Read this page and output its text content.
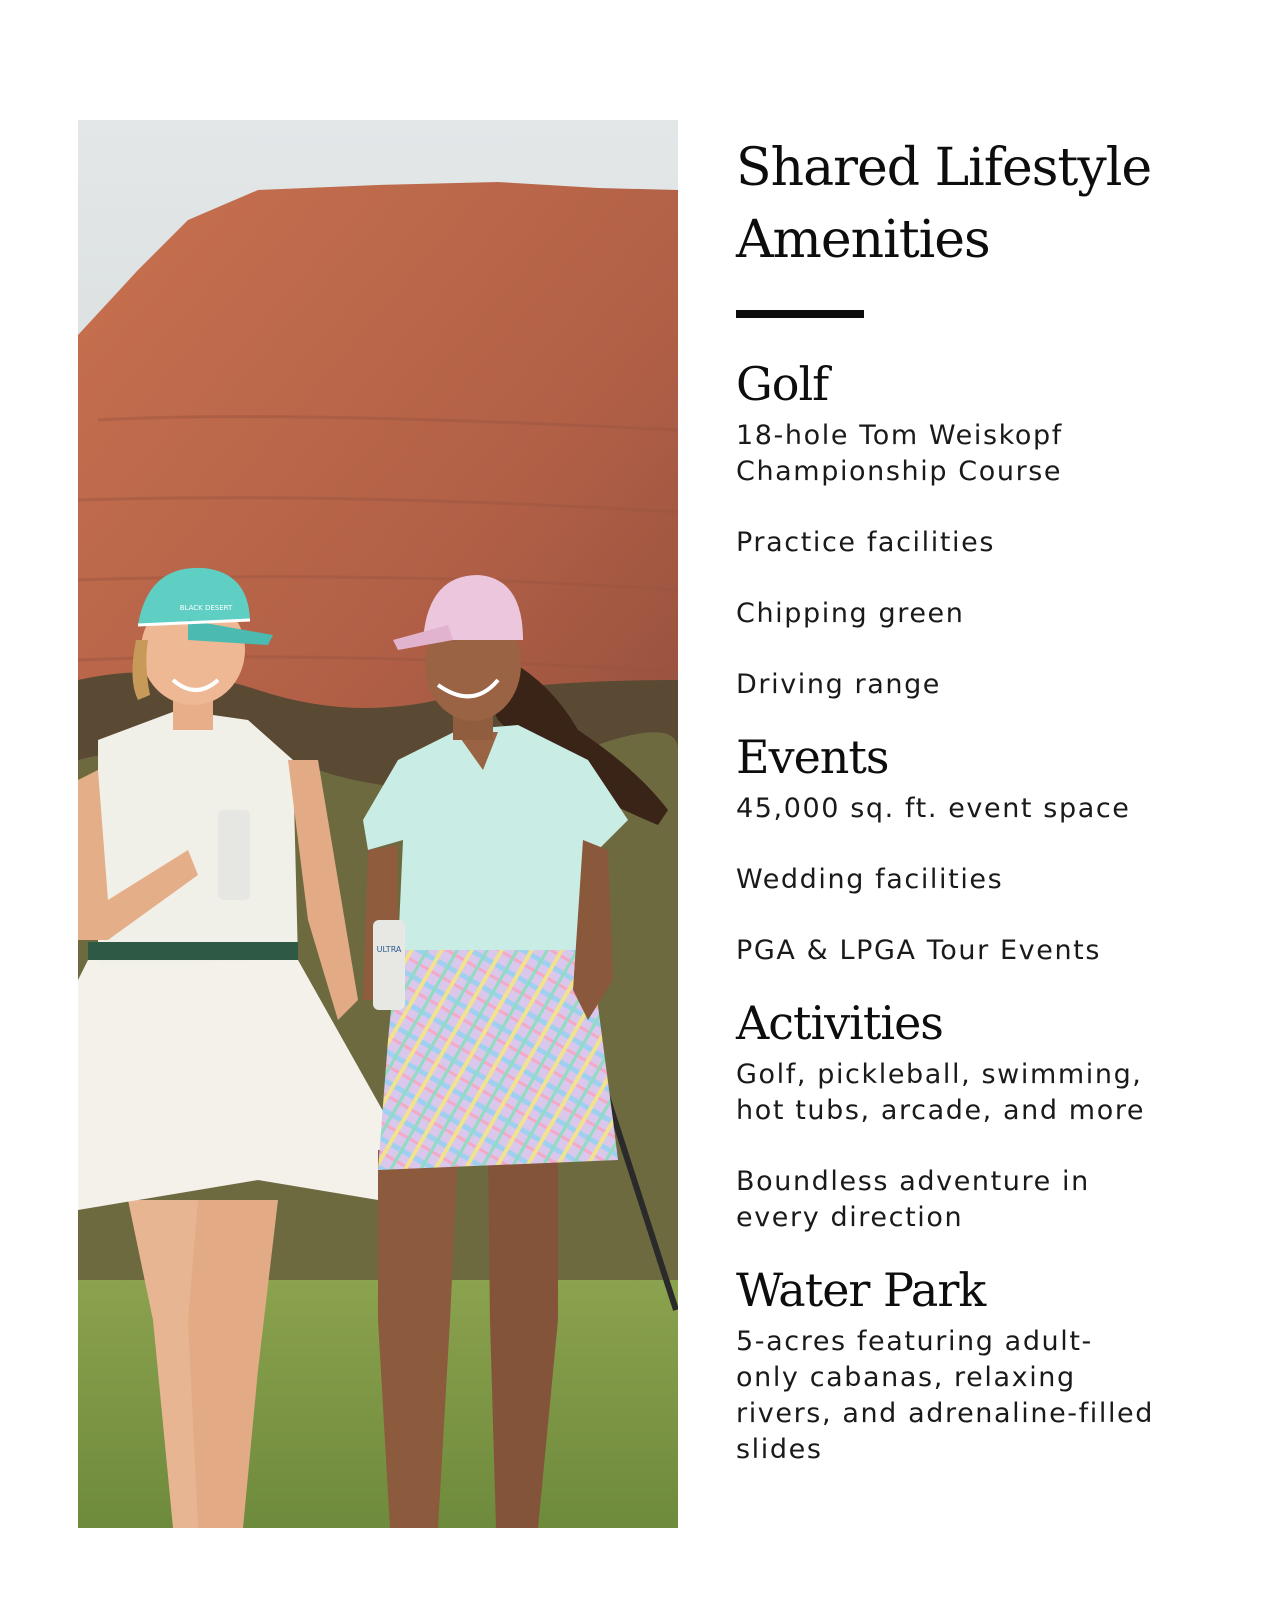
BLACK DESERT
ULTRA
Shared Lifestyle Amenities
Golf

18-hole Tom Weiskopf Championship Course

Practice facilities

Chipping green

Driving range

Events

45,000 sq. ft. event space

Wedding facilities

PGA & LPGA Tour Events

Activities

Golf, pickleball, swimming, hot tubs, arcade, and more

Boundless adventure in every direction

Water Park

5-acres featuring adult-only cabanas, relaxing rivers, and adrenaline-filled slides
